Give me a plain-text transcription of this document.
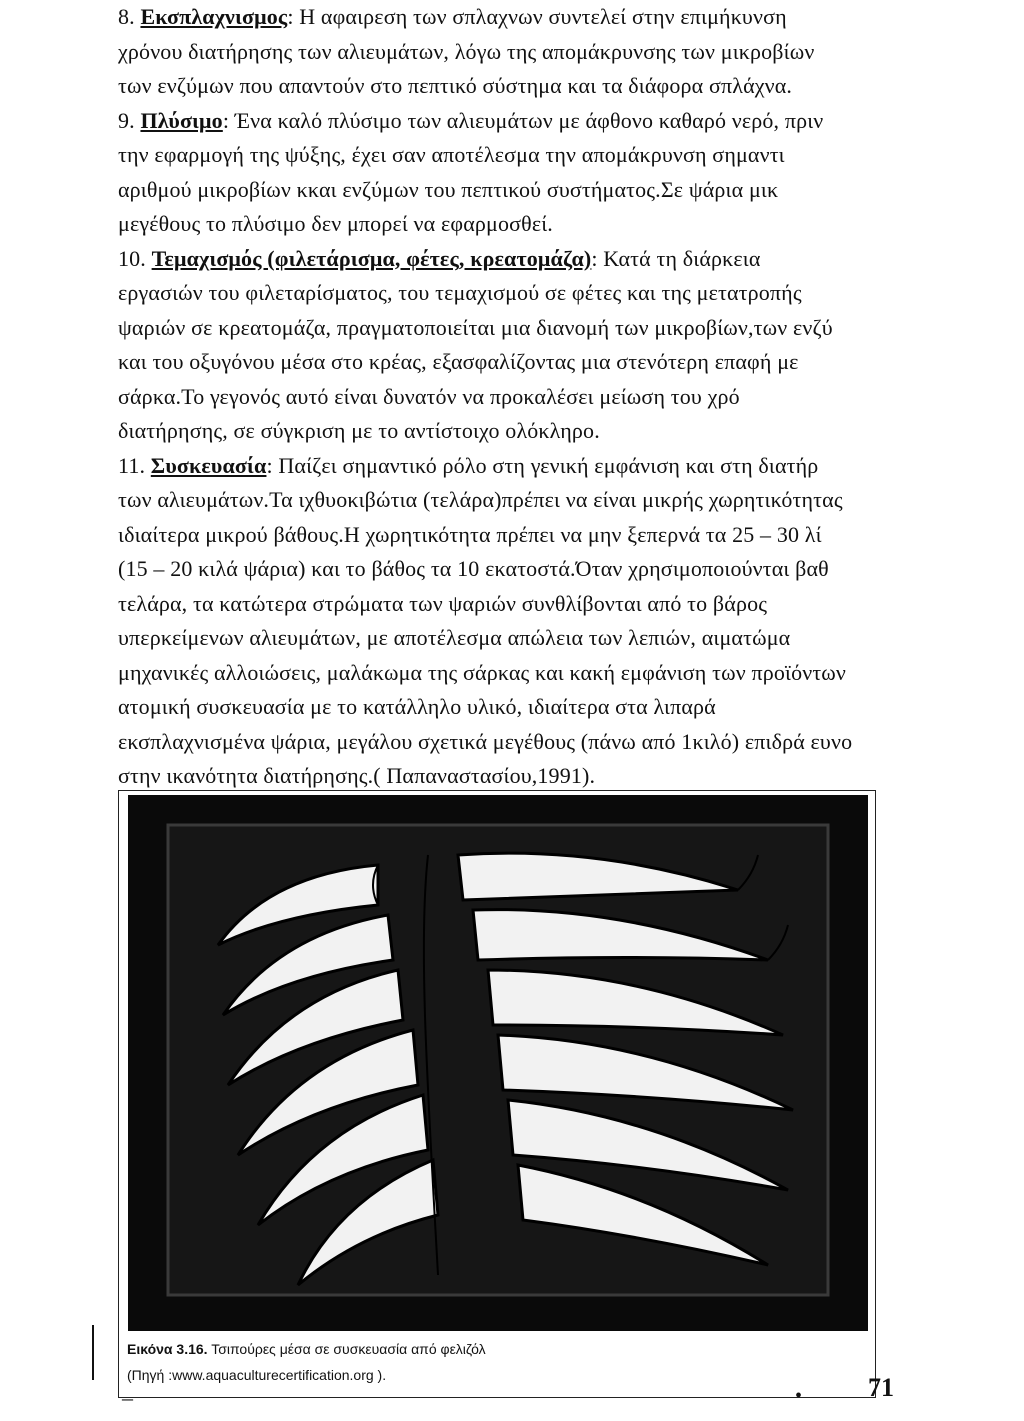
8. Εκσπλαχνισμος: Η αφαιρεση των σπλαχνων συντελεί στην επιμήκυνση
χρόνου διατήρησης των αλιευμάτων, λόγω της απομάκρυνσης των μικροβίων
των ενζύμων που απαντούν στο πεπτικό σύστημα και τα διάφορα σπλάχνα.
9. Πλύσιμο: Ένα καλό πλύσιμο των αλιευμάτων με άφθονο καθαρό νερό, πριν
την εφαρμογή της ψύξης, έχει σαν αποτέλεσμα την απομάκρυνση σημαντι
αριθμού μικροβίων κκαι ενζύμων του πεπτικού συστήματος.Σε ψάρια μικ
μεγέθους το πλύσιμο δεν μπορεί να εφαρμοσθεί.
10. Τεμαχισμός (φιλετάρισμα, φέτες, κρεατομάζα): Κατά τη διάρκεια
εργασιών του φιλεταρίσματος, του τεμαχισμού σε φέτες και της μετατροπής
ψαριών σε κρεατομάζα, πραγματοποιείται μια διανομή των μικροβίων,των ενζύ
και του οξυγόνου μέσα στο κρέας, εξασφαλίζοντας μια στενότερη επαφή με
σάρκα.Το γεγονός αυτό είναι δυνατόν να προκαλέσει μείωση του χρό
διατήρησης, σε σύγκριση με το αντίστοιχο ολόκληρο.
11. Συσκευασία: Παίζει σημαντικό ρόλο στη γενική εμφάνιση και στη διατήρ
των αλιευμάτων.Τα ιχθυοκιβώτια (τελάρα)πρέπει να είναι μικρής χωρητικότητας
ιδιαίτερα μικρού βάθους.Η χωρητικότητα πρέπει να μην ξεπερνά τα 25 – 30 λί
(15 – 20 κιλά ψάρια) και το βάθος τα 10 εκατοστά.Όταν χρησιμοποιούνται βαθ
τελάρα, τα κατώτερα στρώματα των ψαριών συνθλίβονται από το βάρος
υπερκείμενων αλιευμάτων, με αποτέλεσμα απώλεια των λεπιών, αιματώμα
μηχανικές αλλοιώσεις, μαλάκωμα της σάρκας και κακή εμφάνιση των προϊόντων
ατομική συσκευασία με το κατάλληλο υλικό, ιδιαίτερα στα λιπαρά
εκσπλαχνισμένα ψάρια, μεγάλου σχετικά μεγέθους (πάνω από 1κιλό) επιδρά ευνο
στην ικανότητα διατήρησης.( Παπαναστασίου,1991).
Εικόνα 3.16. Τσιπούρες μέσα σε συσκευασία από φελιζόλ
(Πηγή :www.aquaculturecertification.org ).
–	•	71
